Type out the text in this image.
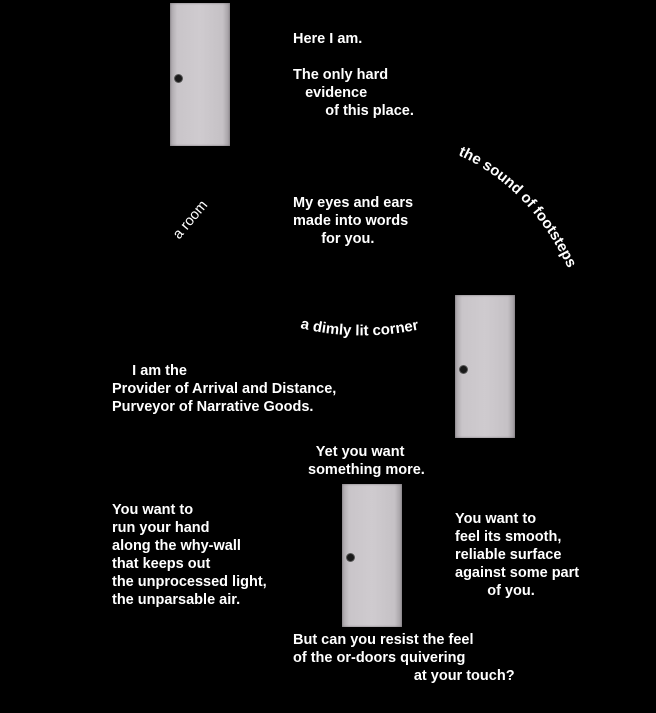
Here I am.
The only hard
evidence
of this place.
My eyes and ears
made into words
for you.
I am the
Provider of Arrival and Distance,
Purveyor of Narrative Goods.
Yet you want
something more.
You want to
run your hand
along the why-wall
that keeps out
the unprocessed light,
the unparsable air.
You want to
feel its smooth,
reliable surface
against some part
of you.
But can you resist the feel
of the or-doors quivering
at your touch?
a room
the sound of footsteps
a dimly lit corner
